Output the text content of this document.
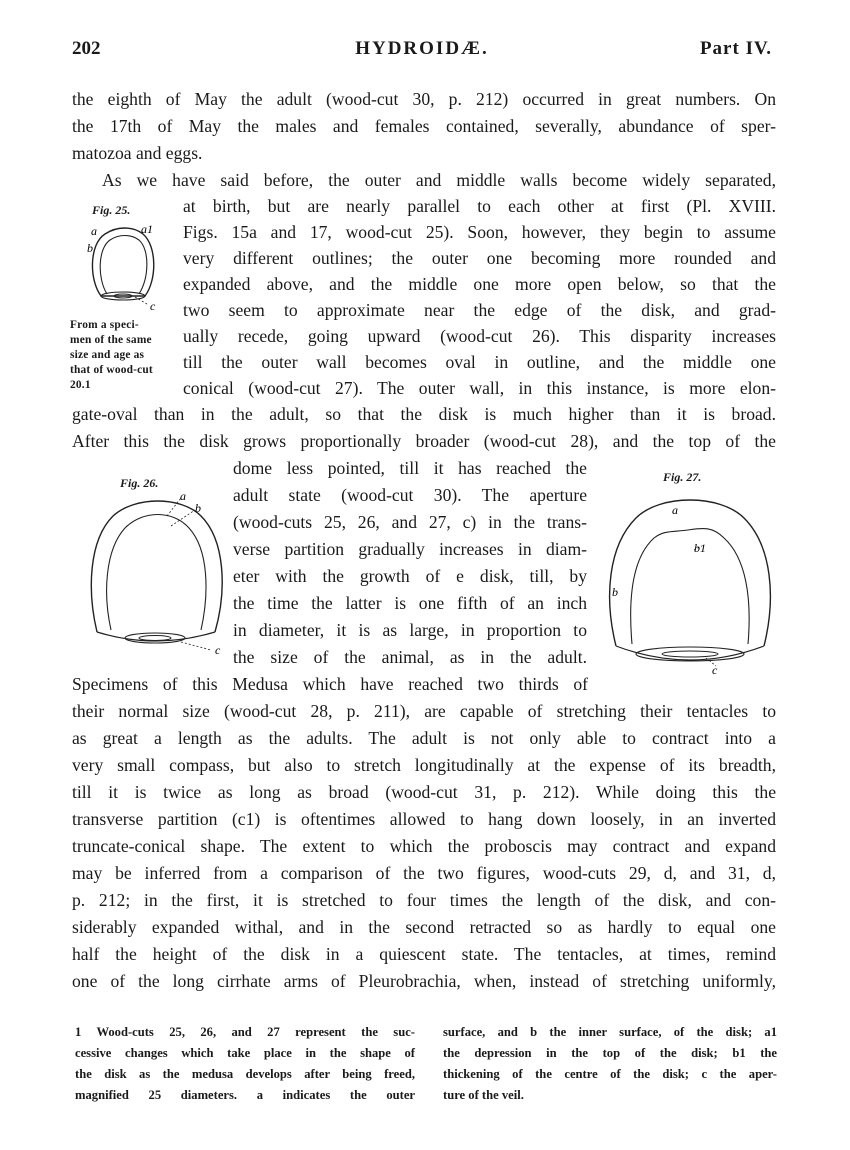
202	HYDROIDÆ.	Part IV.
the eighth of May the adult (wood-cut 30, p. 212) occurred in great numbers. On
the 17th of May the males and females contained, severally, abundance of sper-
matozoa and eggs.
As we have said before, the outer and middle walls become widely separated,
at birth, but are nearly parallel to each other at first (Pl. XVIII.
Figs. 15a and 17, wood-cut 25). Soon, however, they begin to assume
very different outlines; the outer one becoming more rounded and
expanded above, and the middle one more open below, so that the
two seem to approximate near the edge of the disk, and grad-
ually recede, going upward (wood-cut 26). This disparity increases
till the outer wall becomes oval in outline, and the middle one
conical (wood-cut 27). The outer wall, in this instance, is more elon-
gate-oval than in the adult, so that the disk is much higher than it is broad.
After this the disk grows proportionally broader (wood-cut 28), and the top of the
dome less pointed, till it has reached the
adult state (wood-cut 30). The aperture
(wood-cuts 25, 26, and 27, c) in the trans-
verse partition gradually increases in diam-
eter with the growth of e disk, till, by
the time the latter is one fifth of an inch
in diameter, it is as large, in proportion to
the size of the animal, as in the adult.
Specimens of this Medusa which have reached two thirds of
their normal size (wood-cut 28, p. 211), are capable of stretching their tentacles to
as great a length as the adults. The adult is not only able to contract into a
very small compass, but also to stretch longitudinally at the expense of its breadth,
till it is twice as long as broad (wood-cut 31, p. 212). While doing this the
transverse partition (c1) is oftentimes allowed to hang down loosely, in an inverted
truncate-conical shape. The extent to which the proboscis may contract and expand
may be inferred from a comparison of the two figures, wood-cuts 29, d, and 31, d,
p. 212; in the first, it is stretched to four times the length of the disk, and con-
siderably expanded withal, and in the second retracted so as hardly to equal one
half the height of the disk in a quiescent state. The tentacles, at times, remind
one of the long cirrhate arms of Pleurobrachia, when, instead of stretching uniformly,
Fig. 25.
a	a1
b
c
From a speci-
men of the same
size and age as
that of wood-cut
20.1
Fig. 26.
a
b
c
Fig. 27.
a
b1
b
c
1 Wood-cuts 25, 26, and 27 represent the suc-
cessive changes which take place in the shape of
the disk as the medusa develops after being freed,
magnified 25 diameters. a indicates the outer
surface, and b the inner surface, of the disk; a1
the depression in the top of the disk; b1 the
thickening of the centre of the disk; c the aper-
ture of the veil.
